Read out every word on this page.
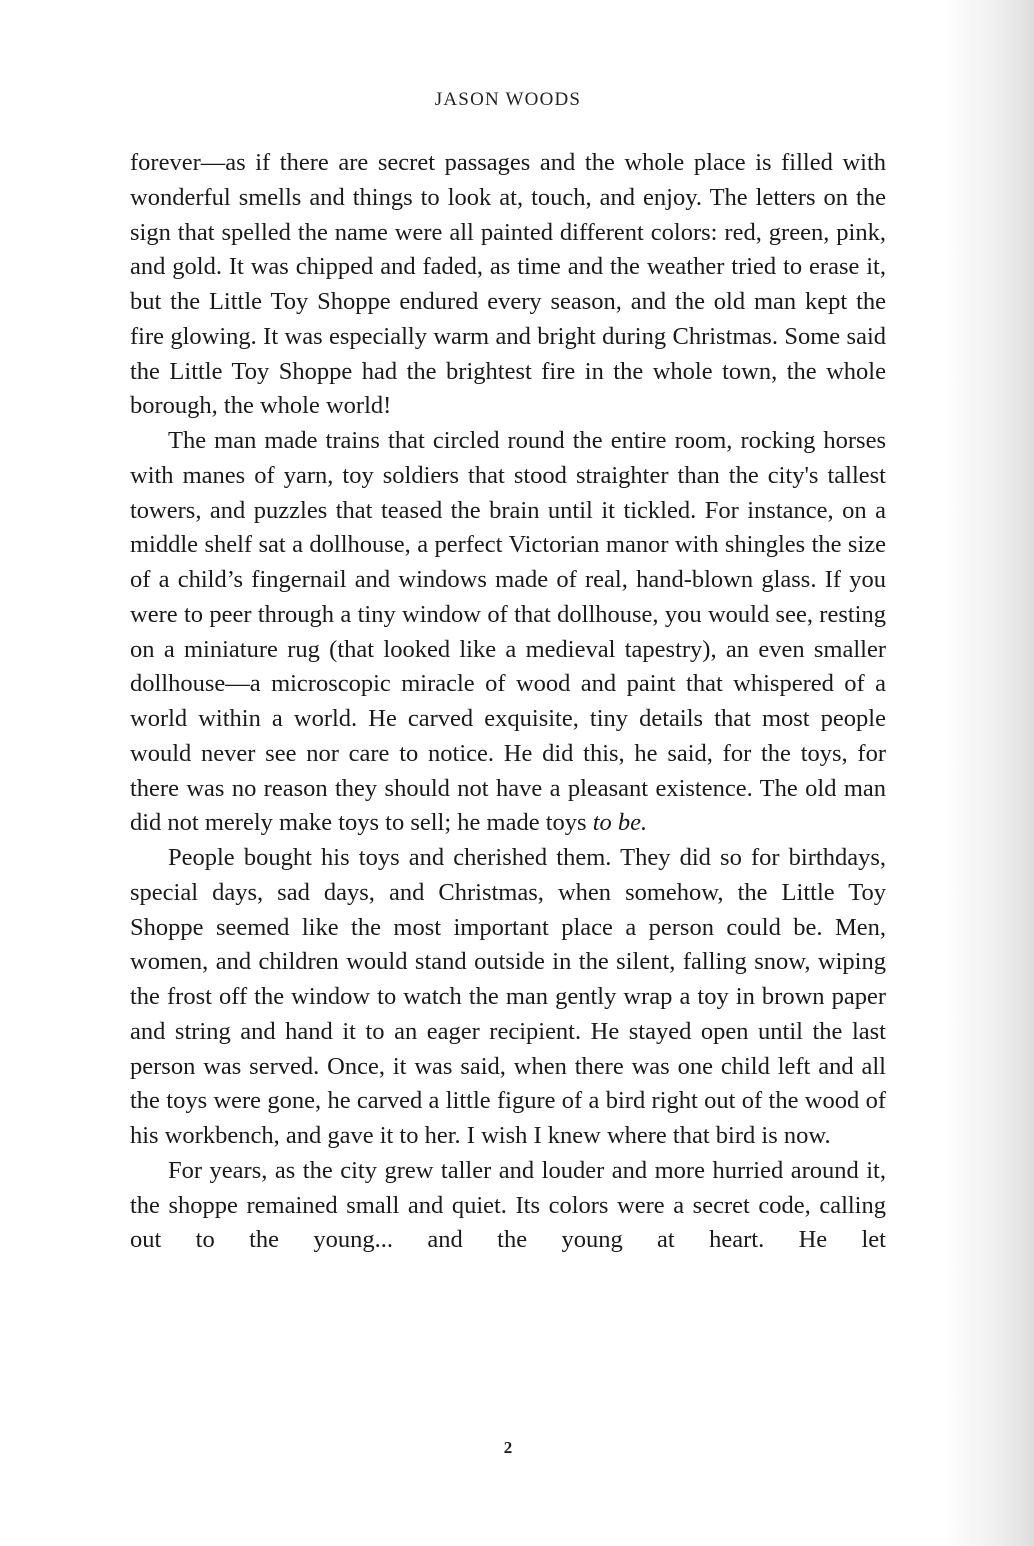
JASON WOODS

forever—as if there are secret passages and the whole place is filled with wonderful smells and things to look at, touch, and enjoy. The letters on the sign that spelled the name were all painted different colors: red, green, pink, and gold. It was chipped and faded, as time and the weather tried to erase it, but the Little Toy Shoppe endured every season, and the old man kept the fire glowing. It was especially warm and bright during Christmas. Some said the Little Toy Shoppe had the brightest fire in the whole town, the whole borough, the whole world!

The man made trains that circled round the entire room, rocking horses with manes of yarn, toy soldiers that stood straighter than the city's tallest towers, and puzzles that teased the brain until it tickled. For instance, on a middle shelf sat a dollhouse, a perfect Victorian manor with shingles the size of a child’s fingernail and windows made of real, hand-blown glass. If you were to peer through a tiny window of that dollhouse, you would see, resting on a miniature rug (that looked like a medieval tapestry), an even smaller dollhouse—a microscopic miracle of wood and paint that whispered of a world within a world. He carved exquisite, tiny details that most people would never see nor care to notice. He did this, he said, for the toys, for there was no reason they should not have a pleasant existence. The old man did not merely make toys to sell; he made toys to be.

People bought his toys and cherished them. They did so for birthdays, special days, sad days, and Christmas, when somehow, the Little Toy Shoppe seemed like the most important place a person could be. Men, women, and children would stand outside in the silent, falling snow, wiping the frost off the window to watch the man gently wrap a toy in brown paper and string and hand it to an eager recipient. He stayed open until the last person was served. Once, it was said, when there was one child left and all the toys were gone, he carved a little figure of a bird right out of the wood of his workbench, and gave it to her. I wish I knew where that bird is now.

For years, as the city grew taller and louder and more hurried around it, the shoppe remained small and quiet. Its colors were a secret code, calling out to the young... and the young at heart. He let

2
